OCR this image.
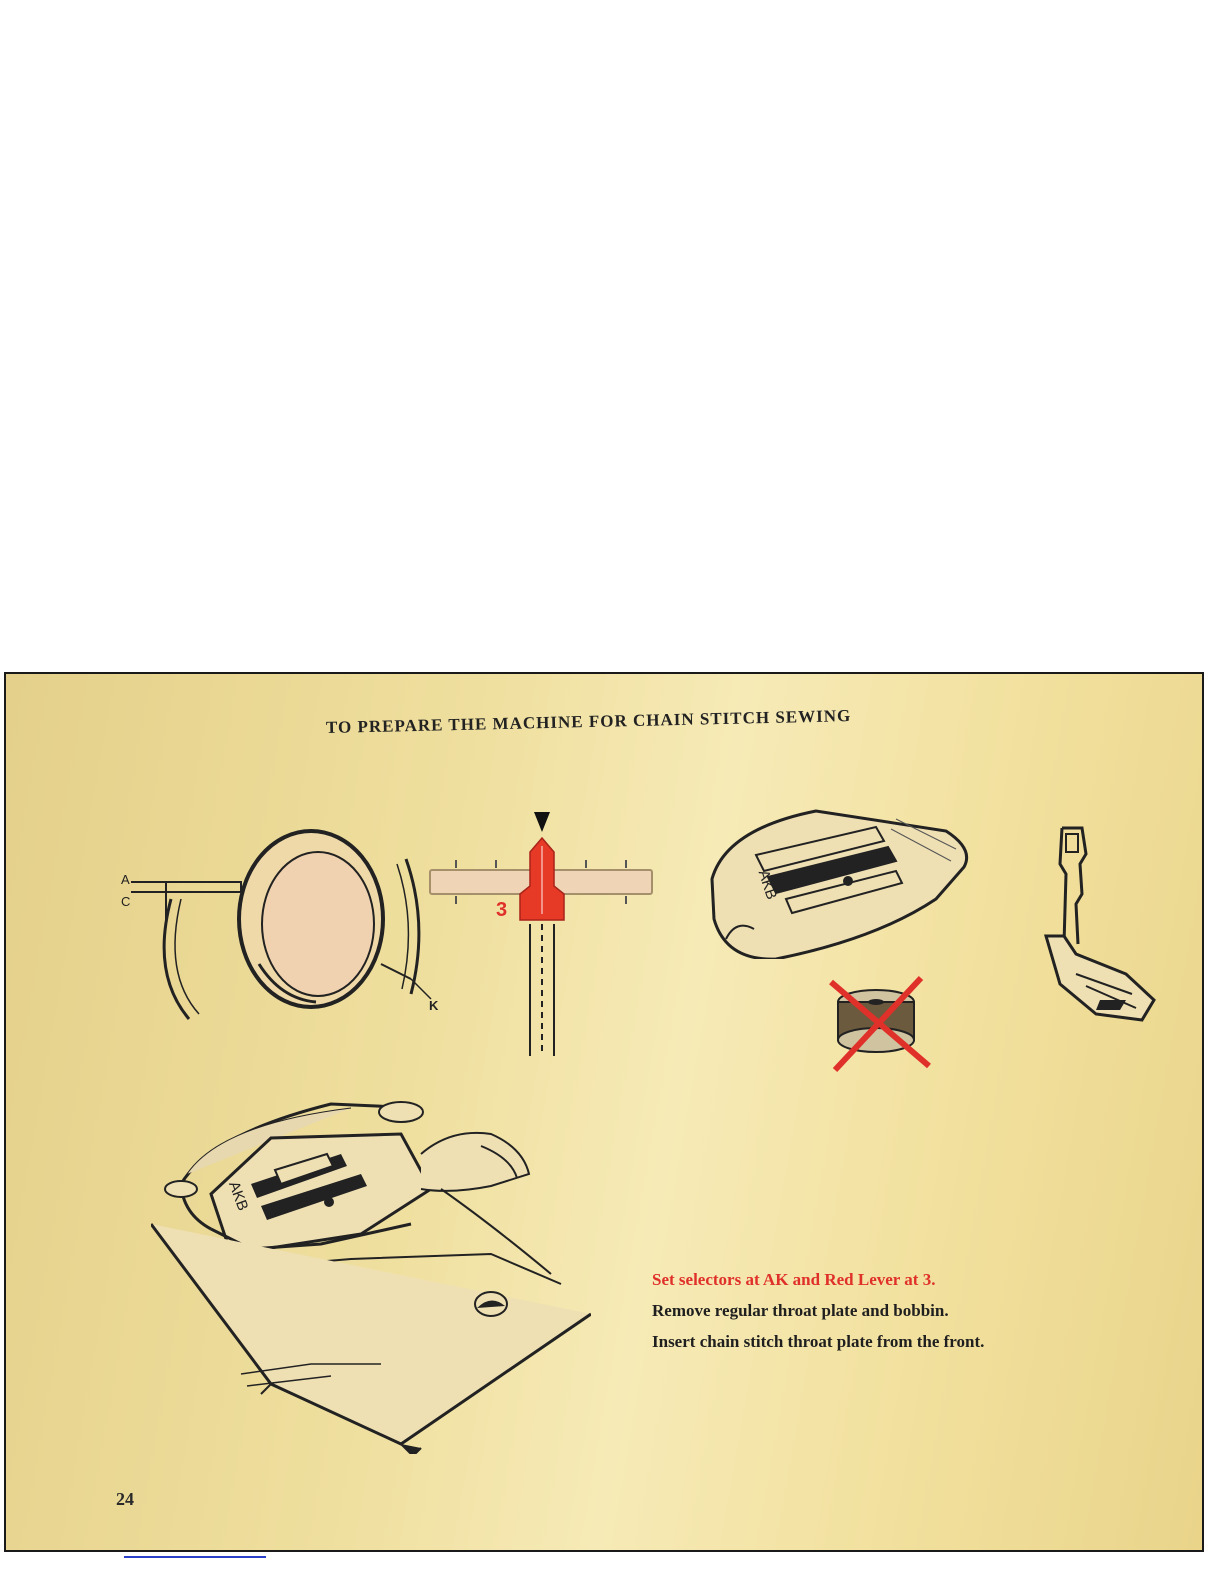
TO PREPARE THE MACHINE FOR CHAIN STITCH SEWING
A
C
K
3
AKB
AKB
Set selectors at AK and Red Lever at 3.
Remove regular throat plate and bobbin.
Insert chain stitch throat plate from the front.
24
